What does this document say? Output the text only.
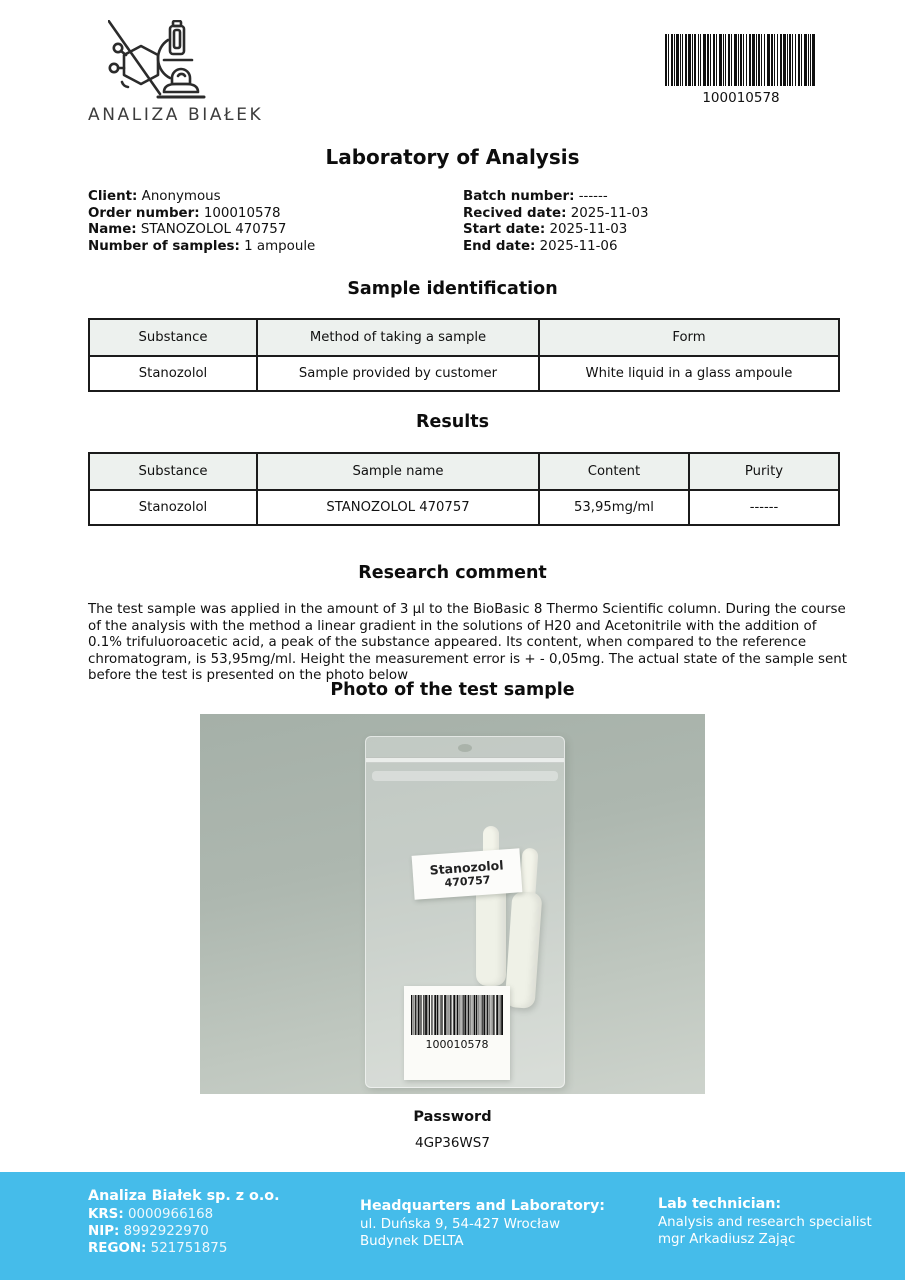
ANALIZA BIAŁEK
100010578
Laboratory of Analysis
Client: Anonymous
Order number: 100010578
Name: STANOZOLOL 470757
Number of samples: 1 ampoule
Batch number: ------
Recived date: 2025-11-03
Start date: 2025-11-03
End date: 2025-11-06
Sample identification
Substance	Method of taking a sample	Form
Stanozolol	Sample provided by customer	White liquid in a glass ampoule
Results
Substance	Sample name	Content	Purity
Stanozolol	STANOZOLOL 470757	53,95mg/ml	------
Research comment
The test sample was applied in the amount of 3 μl to the BioBasic 8 Thermo Scientific column. During the course of the analysis with the method a linear gradient in the solutions of H20 and Acetonitrile with the addition of 0.1% trifuluoroacetic acid, a peak of the substance appeared. Its content, when compared to the reference chromatogram, is 53,95mg/ml. Height the measurement error is + - 0,05mg. The actual state of the sample sent before the test is presented on the photo below
Photo of the test sample
Stanozolol
470757
100010578
Password
4GP36WS7
Analiza Białek sp. z o.o.
KRS: 0000966168
NIP: 8992922970
REGON: 521751875
Headquarters and Laboratory:
ul. Duńska 9, 54-427 Wrocław
Budynek DELTA
Lab technician:
Analysis and research specialist
mgr Arkadiusz Zając
